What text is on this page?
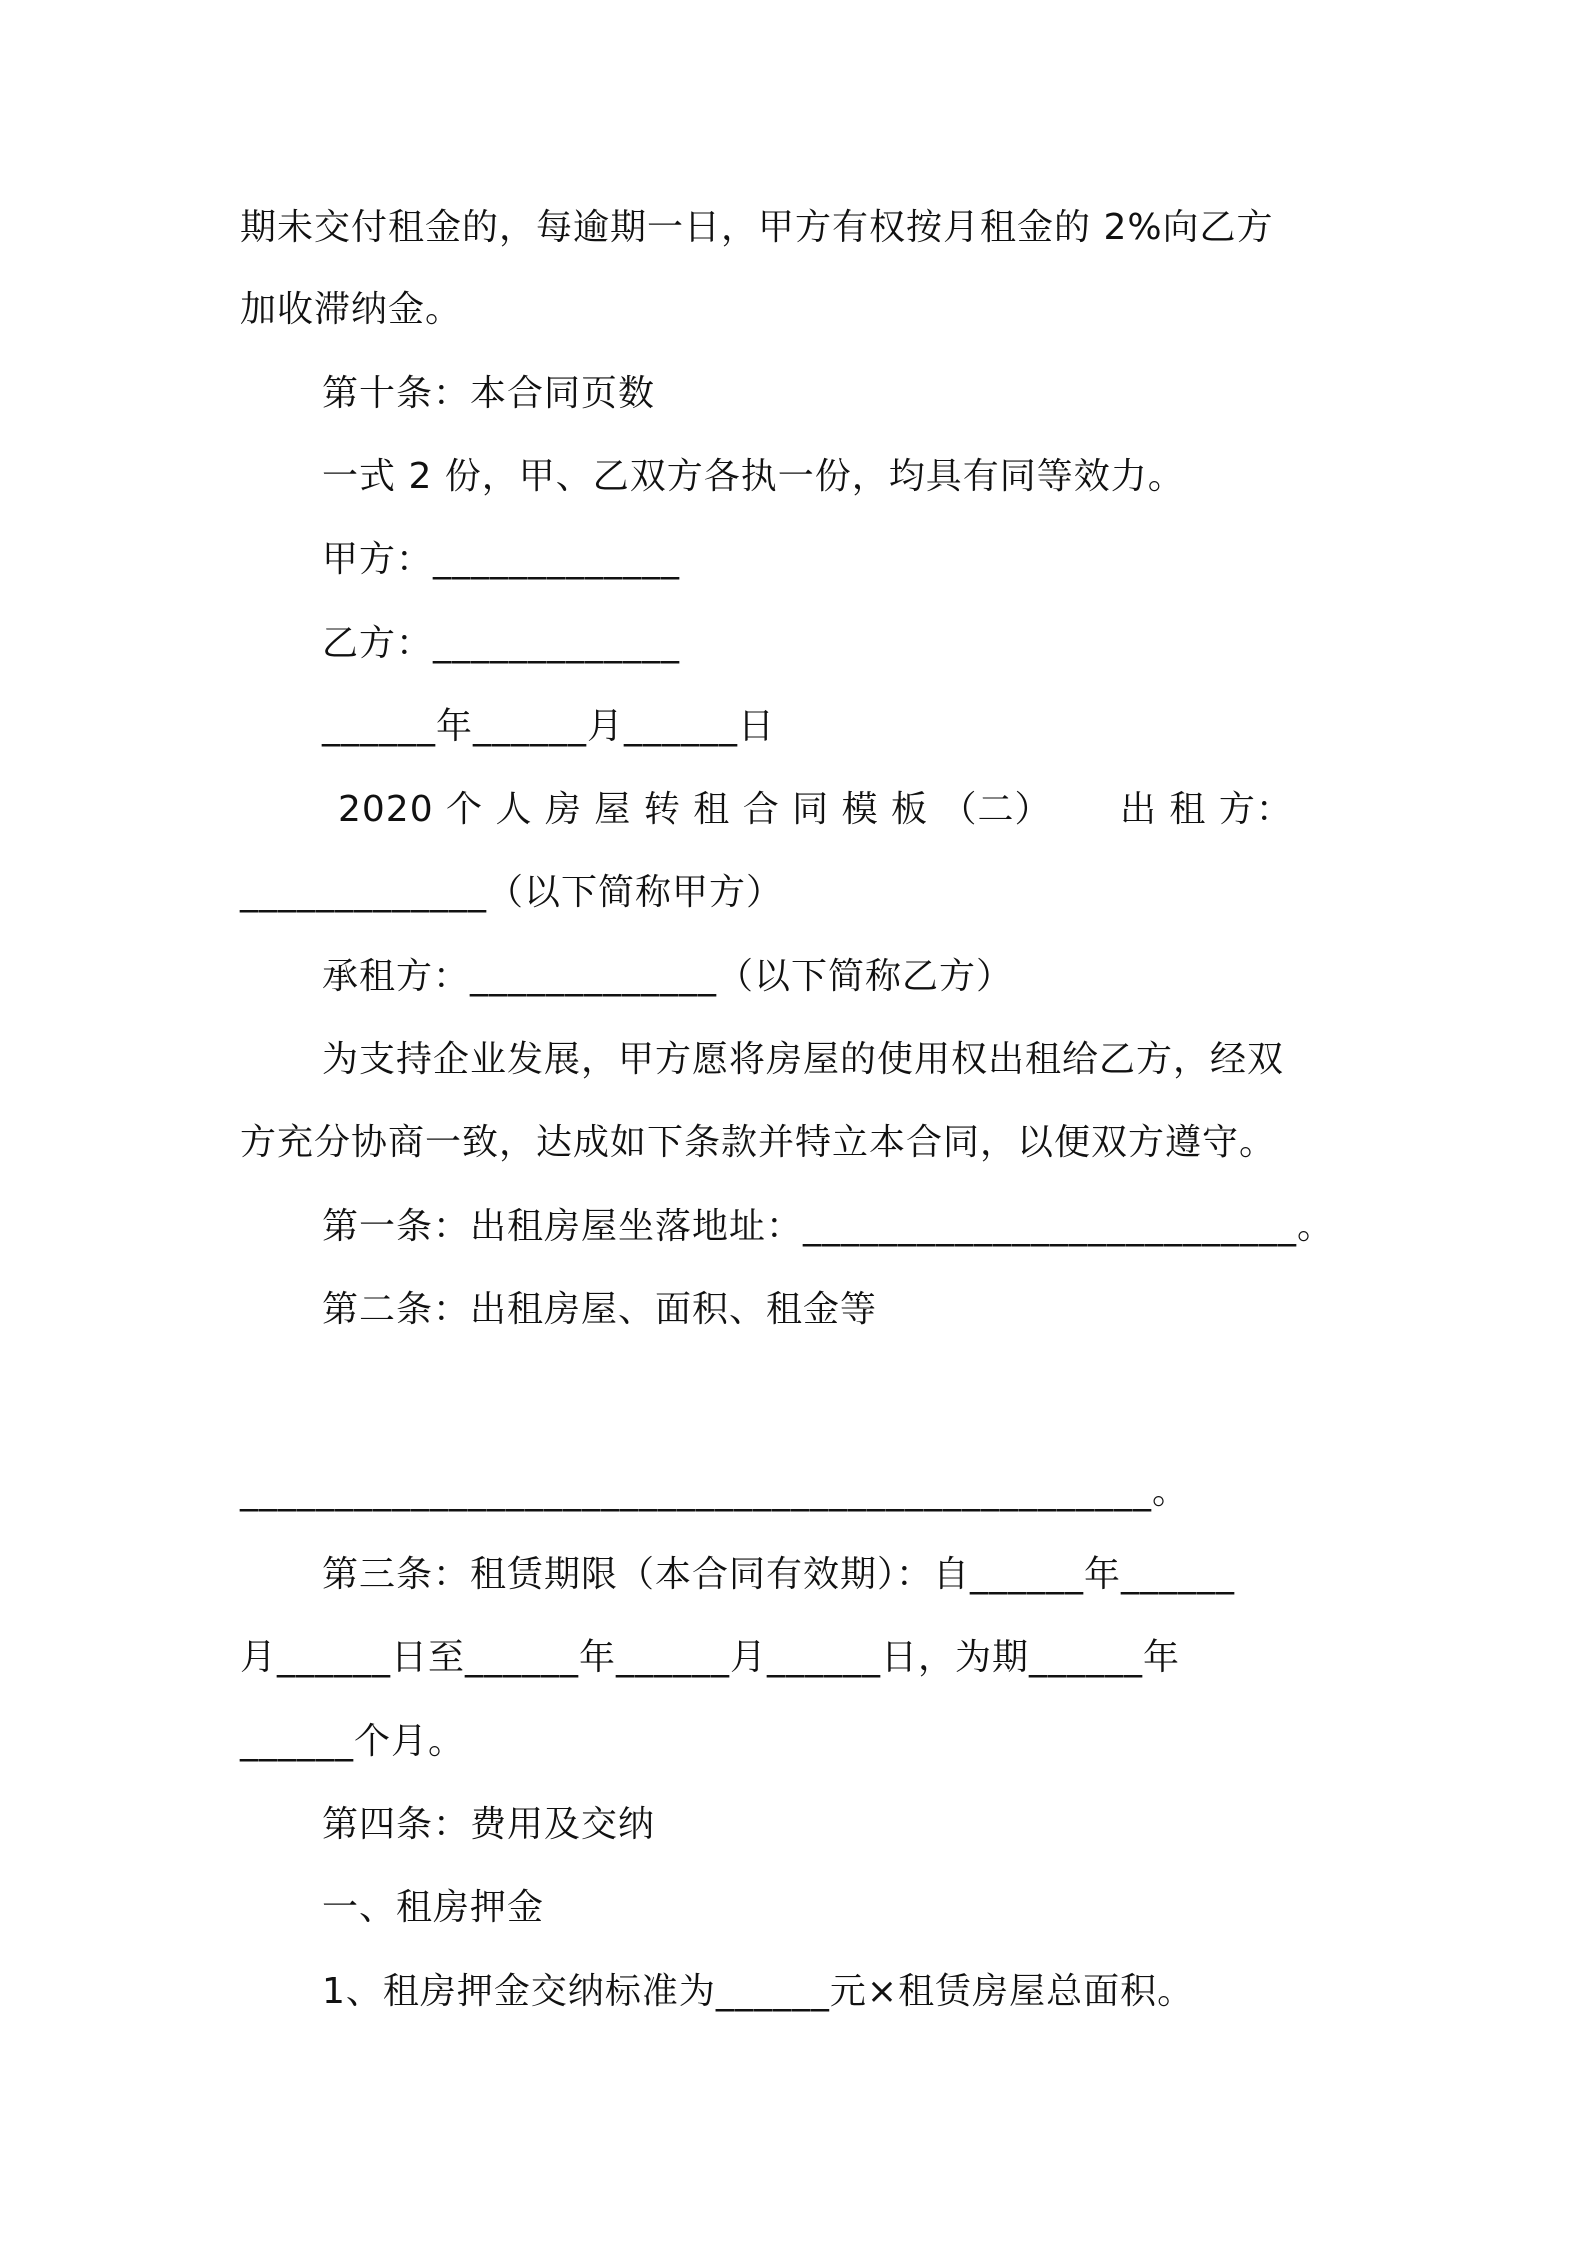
期未交付租金的，每逾期一日，甲方有权按月租金的 2%向乙方
加收滞纳金。
第十条：本合同页数
一式 2 份，甲、乙双方各执一份，均具有同等效力。
甲方：_____________
乙方：_____________
______年______月______日
2020 个 人 房 屋 转 租 合 同 模 板 （二）　　 出 租 方：
_____________（以下简称甲方）
承租方：_____________（以下简称乙方）
为支持企业发展，甲方愿将房屋的使用权出租给乙方，经双
方充分协商一致，达成如下条款并特立本合同，以便双方遵守。
第一条：出租房屋坐落地址：__________________________。
第二条：出租房屋、面积、租金等
________________________________________________。
第三条：租赁期限（本合同有效期）：自______年______
月______日至______年______月______日，为期______年
______个月。
第四条：费用及交纳
一、租房押金
1、租房押金交纳标准为______元×租赁房屋总面积。
